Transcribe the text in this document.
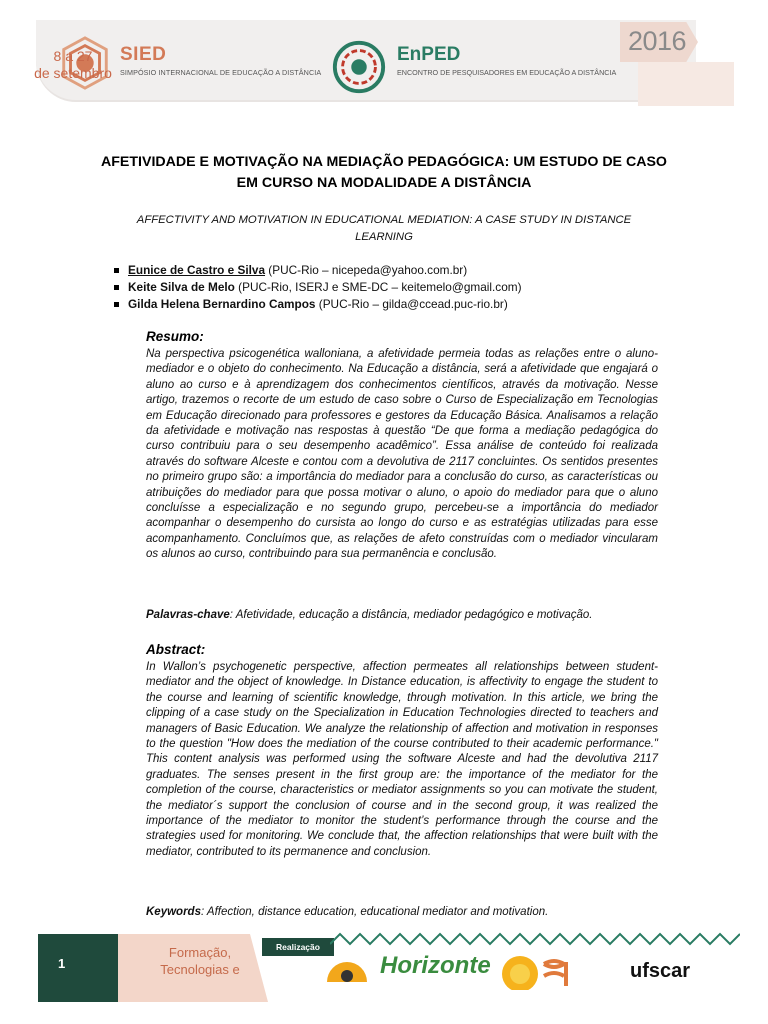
SIED
SIMPÓSIO INTERNACIONAL DE EDUCAÇÃO A DISTÂNCIA
EnPED
ENCONTRO DE PESQUISADORES EM EDUCAÇÃO A DISTÂNCIA
2016
8 a 27
de setembro
AFETIVIDADE E MOTIVAÇÃO NA MEDIAÇÃO PEDAGÓGICA: UM ESTUDO DE CASO EM CURSO NA MODALIDADE A DISTÂNCIA
AFFECTIVITY AND MOTIVATION IN EDUCATIONAL MEDIATION: A CASE STUDY IN DISTANCE LEARNING
Eunice de Castro e Silva (PUC-Rio – nicepeda@yahoo.com.br)
Keite Silva de Melo (PUC-Rio, ISERJ e SME-DC – keitemelo@gmail.com)
Gilda Helena Bernardino Campos (PUC-Rio – gilda@ccead.puc-rio.br)
Resumo:
Na perspectiva psicogenética walloniana, a afetividade permeia todas as relações entre o aluno-mediador e o objeto do conhecimento. Na Educação a distância, será a afetividade que engajará o aluno ao curso e à aprendizagem dos conhecimentos científicos, através da motivação. Nesse artigo, trazemos o recorte de um estudo de caso sobre o Curso de Especialização em Tecnologias em Educação direcionado para professores e gestores da Educação Básica. Analisamos a relação da afetividade e motivação nas respostas à questão “De que forma a mediação pedagógica do curso contribuiu para o seu desempenho acadêmico”. Essa análise de conteúdo foi realizada através do software Alceste e contou com a devolutiva de 2117 concluintes. Os sentidos presentes no primeiro grupo são: a importância do mediador para a conclusão do curso, as características ou atribuições do mediador para que possa motivar o aluno, o apoio do mediador para que o aluno concluísse a especialização e no segundo grupo, percebeu-se a importância do mediador acompanhar o desempenho do cursista ao longo do curso e as estratégias utilizadas para esse acompanhamento. Concluímos que, as relações de afeto construídas com o mediador vincularam os alunos ao curso, contribuindo para sua permanência e conclusão.
Palavras-chave: Afetividade, educação a distância, mediador pedagógico e motivação.
Abstract:
In Wallon’s psychogenetic perspective, affection permeates all relationships between student-mediator and the object of knowledge. In Distance education, is affectivity to engage the student to the course and learning of scientific knowledge, through motivation. In this article, we bring the clipping of a case study on the Specialization in Education Technologies directed to teachers and managers of Basic Education. We analyze the relationship of affection and motivation in responses to the question "How does the mediation of the course contributed to their academic performance." This content analysis was performed using the software Alceste and had the devolutiva 2117 graduates. The senses present in the first group are: the importance of the mediator for the completion of the course, characteristics or mediator assignments so you can motivate the student, the mediator´s support the conclusion of course and in the second group, it was realized the importance of the mediator to monitor the student’s performance through the course and the strategies used for monitoring. We conclude that, the affection relationships that were built with the mediator, contributed to its permanence and conclusion.
Keywords: Affection, distance education, educational mediator and motivation.
1
Formação,
Tecnologias e
Realização
Horizonte	ufscar
